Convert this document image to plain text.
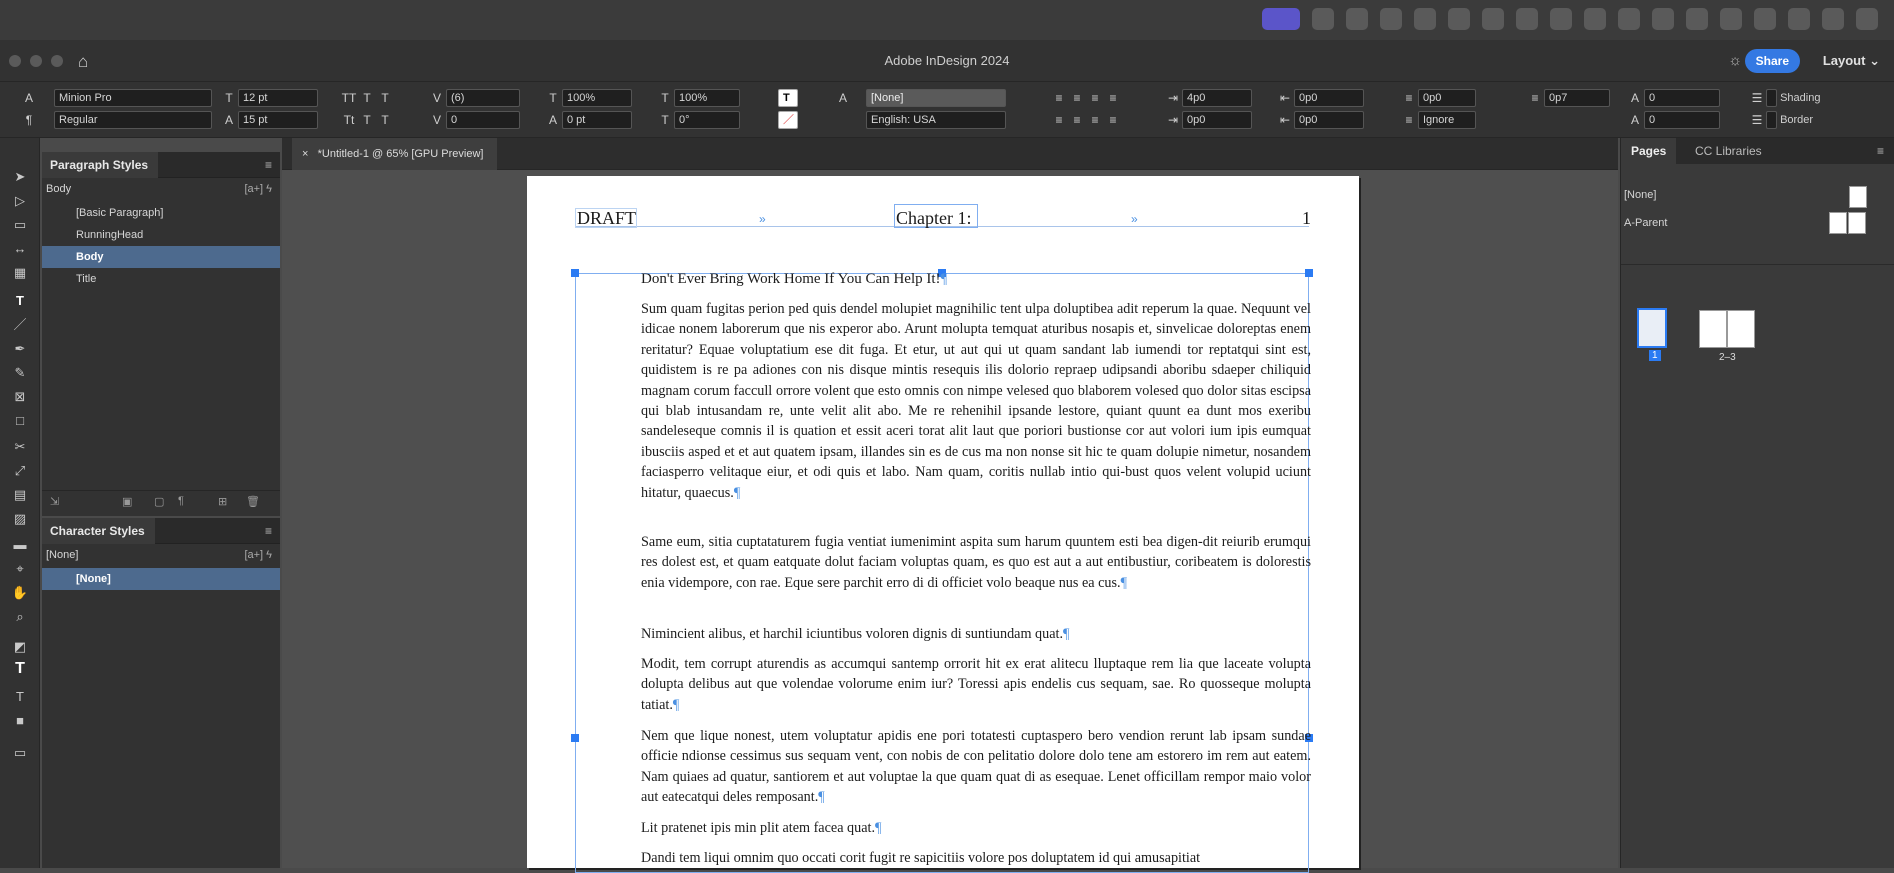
⌂	Adobe InDesign 2024	☼	Share	Layout ⌄
A
¶
Minion Pro
Regular
T 12 pt
A 15 pt
TT T T
Tt T T
V (6)
V 0
T 100%
A 0 pt
T 100%
T 0°
T
／
A	[None]
English: USA
≡ ≡ ≡ ≡
≡ ≡ ≡ ≡
⇥ 4p0
⇥ 0p0
⇤ 0p0
⇤ 0p0
≡ 0p0
≡ Ignore
≡ 0p7	A 0
A 0
☰
	Shading
☰
	Border
➤
▷
▭
↔
▦
T
／
✒
✎
⊠
□
✂
⤢
▤
▨
▬
⌖
✋
⌕
◩
T
T
■
▭
Paragraph Styles	≡
Body	[a+] ϟ
[Basic Paragraph]
RunningHead
Body
Title
⇲	▣ ▢ ¶	⊞ 🗑
Character Styles	≡
[None]	[a+] ϟ
[None]
× *Untitled-1 @ 65% [GPU Preview]
DRAFT	Chapter 1:	1
»	»
Don't Ever Bring Work Home If You Can Help It!¶
Sum quam fugitas perion ped quis dendel molupiet magnihilic tent ulpa doluptibea adit reperum la quae. Nequunt vel idicae nonem laborerum que nis experor abo. Arunt molupta temquat aturibus nosapis et, sinvelicae doloreptas enem reritatur? Equae voluptatium ese dit fuga. Et etur, ut aut qui ut quam sandant lab iumendi tor reptatqui sint est, quidistem is re pa adiones con nis disque mintis resequis ilis dolorio repraep udipsandi aboribu sdaeper chiliquid magnam corum faccull orrore volent que esto omnis con nimpe velesed quo blaborem volesed quo dolor sitas escipsa qui blab intusandam re, unte velit alit abo. Me re rehenihil ipsande lestore, quiant quunt ea dunt mos exeribu sandeleseque comnis il is quation et essit aceri torat alit laut que poriori bustionse cor aut volori ium ipis eumquat ibusciis asped et et aut quatem ipsam, illandes sin es de cus ma non nonse sit hic te quam dolupie nimetur, nosandem faciasperro velitaque eiur, et odi quis et labo. Nam quam, coritis nullab intio qui-bust quos velent volupid uciunt hitatur, quaecus.¶
Same eum, sitia cuptataturem fugia ventiat iumenimint aspita sum harum quuntem esti bea digen-dit reiurib erumqui res dolest est, et quam eatquate dolut faciam voluptas quam, es quo est aut a aut entibustiur, coribeatem is dolorestis enia vidempore, con rae. Eque sere parchit erro di di officiet volo beaque nus ea cus.¶
Nimincient alibus, et harchil iciuntibus voloren dignis di suntiundam quat.¶
Modit, tem corrupt aturendis as accumqui santemp orrorit hit ex erat alitecu lluptaque rem lia que laceate volupta dolupta delibus aut que volendae volorume enim iur? Toressi apis endelis cus sequam, sae. Ro quosseque molupta tatiat.¶
Nem que lique nonest, utem voluptatur apidis ene pori totatesti cuptaspero bero vendion rerunt lab ipsam sundae officie ndionse cessimus sus sequam vent, con nobis de con pelitatio dolore dolo tene am estorero im rem aut eatem. Nam quiaes ad quatur, santiorem et aut voluptae la que quam quat di as esequae. Lenet officillam rempor maio volor aut eatecatqui deles remposant.¶
Lit pratenet ipis min plit atem facea quat.¶
Dandi tem liqui omnim quo occati corit fugit re sapicitiis volore pos doluptatem id qui amusapitiat
Pages	CC Libraries	≡
[None]
A-Parent
1	2–3
